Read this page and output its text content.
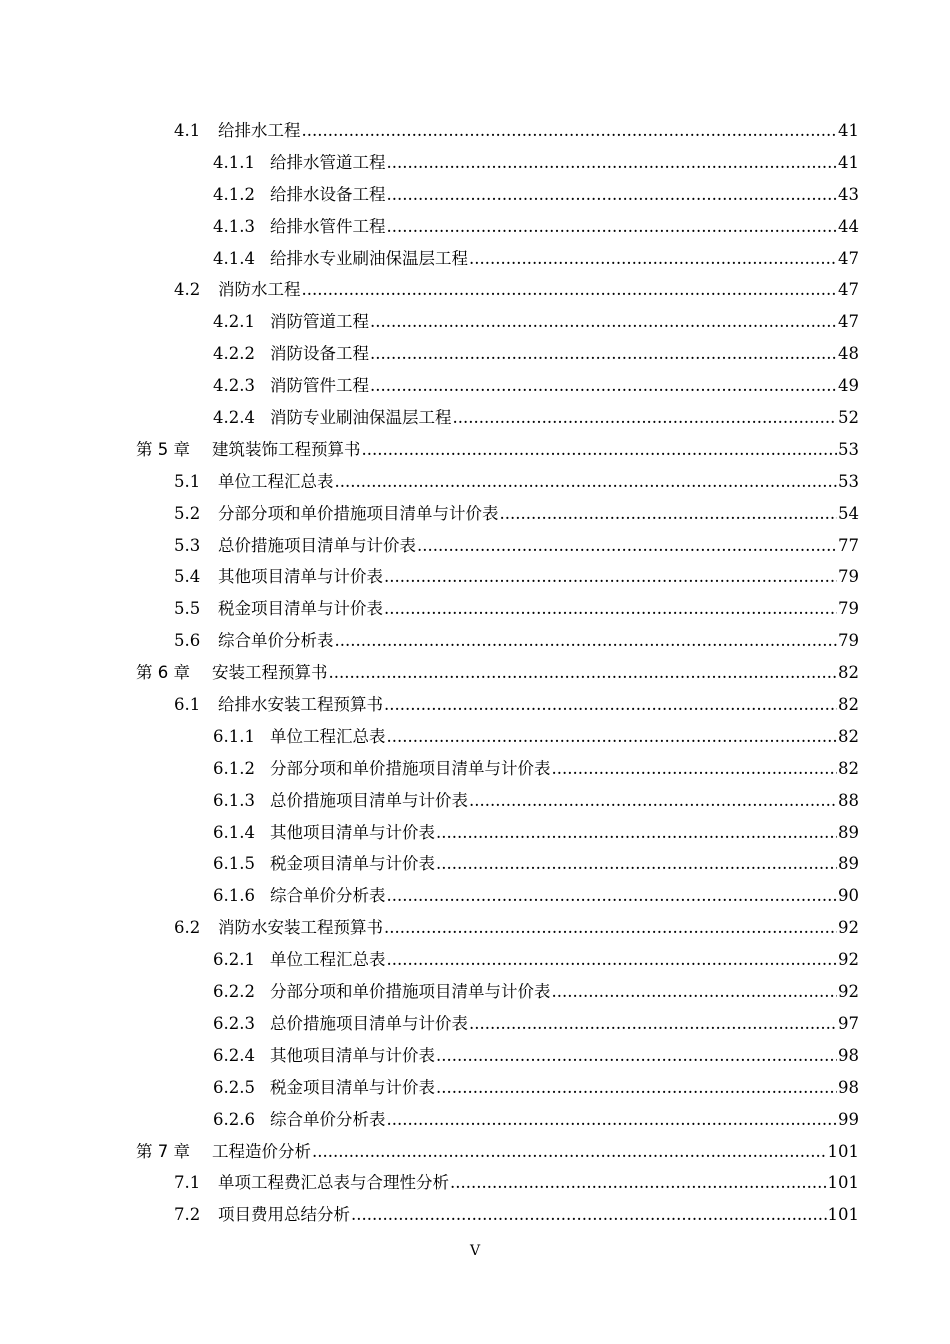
4.1	给排水工程 .....	41
4.1.1 给排水管道工程 .....	41
4.1.2 给排水设备工程 .....	43
4.1.3 给排水管件工程 .....	44
4.1.4 给排水专业刷油保温层工程 .....	47
4.2	消防水工程 .....	47
4.2.1 消防管道工程 .....	47
4.2.2 消防设备工程 .....	48
4.2.3 消防管件工程 .....	49
4.2.4 消防专业刷油保温层工程 .....	52
第 5 章	建筑装饰工程预算书 .....	53
5.1	单位工程汇总表 .....	53
5.2	分部分项和单价措施项目清单与计价表 .....	54
5.3	总价措施项目清单与计价表 .....	77
5.4	其他项目清单与计价表 .....	79
5.5	税金项目清单与计价表 .....	79
5.6	综合单价分析表 .....	79
第 6 章	安装工程预算书 .....	82
6.1	给排水安装工程预算书 .....	82
6.1.1 单位工程汇总表 .....	82
6.1.2 分部分项和单价措施项目清单与计价表 .....	82
6.1.3 总价措施项目清单与计价表 .....	88
6.1.4 其他项目清单与计价表 .....	89
6.1.5 税金项目清单与计价表 .....	89
6.1.6 综合单价分析表 .....	90
6.2	消防水安装工程预算书 .....	92
6.2.1 单位工程汇总表 .....	92
6.2.2 分部分项和单价措施项目清单与计价表 .....	92
6.2.3 总价措施项目清单与计价表 .....	97
6.2.4 其他项目清单与计价表 .....	98
6.2.5 税金项目清单与计价表 .....	98
6.2.6 综合单价分析表 .....	99
第 7 章	工程造价分析 .....	101
7.1	单项工程费汇总表与合理性分析 .....	101
7.2	项目费用总结分析 .....	101
V
